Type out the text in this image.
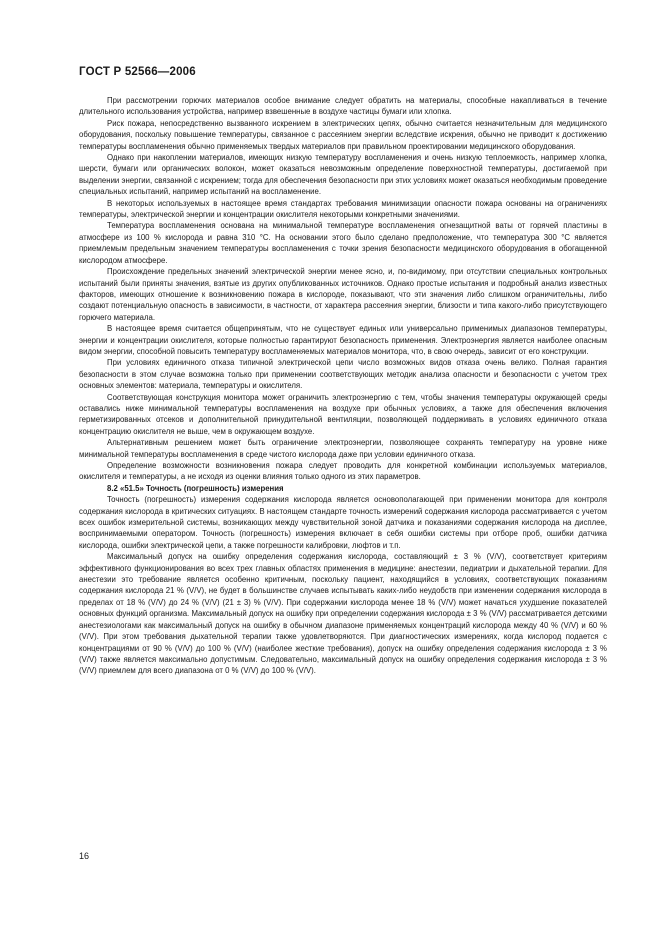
ГОСТ Р 52566—2006

При рассмотрении горючих материалов особое внимание следует обратить на материалы, способные накапливаться в течение длительного использования устройства, например взвешенные в воздухе частицы бумаги или хлопка.

Риск пожара, непосредственно вызванного искрением в электрических цепях, обычно считается незначительным для медицинского оборудования, поскольку повышение температуры, связанное с рассеянием энергии вследствие искрения, обычно не приводит к достижению температуры воспламенения обычно применяемых твердых материалов при правильном проектировании медицинского оборудования.

Однако при накоплении материалов, имеющих низкую температуру воспламенения и очень низкую теплоемкость, например хлопка, шерсти, бумаги или органических волокон, может оказаться невозможным определение поверхностной температуры, достигаемой при выделении энергии, связанной с искрением; тогда для обеспечения безопасности при этих условиях может оказаться необходимым проведение специальных испытаний, например испытаний на воспламенение.

В некоторых используемых в настоящее время стандартах требования минимизации опасности пожара основаны на ограничениях температуры, электрической энергии и концентрации окислителя некоторыми конкретными значениями.

Температура воспламенения основана на минимальной температуре воспламенения огнезащитной ваты от горячей пластины в атмосфере из 100 % кислорода и равна 310 °С. На основании этого было сделано предположение, что температура 300 °С является приемлемым предельным значением температуры воспламенения с точки зрения безопасности медицинского оборудования в обогащенной кислородом атмосфере.

Происхождение предельных значений электрической энергии менее ясно, и, по-видимому, при отсутствии специальных контрольных испытаний были приняты значения, взятые из других опубликованных источников. Однако простые испытания и подробный анализ известных факторов, имеющих отношение к возникновению пожара в кислороде, показывают, что эти значения либо слишком ограничительны, либо создают потенциальную опасность в зависимости, в частности, от характера рассеяния энергии, близости и типа какого-либо присутствующего горючего материала.

В настоящее время считается общепринятым, что не существует единых или универсально применимых диапазонов температуры, энергии и концентрации окислителя, которые полностью гарантируют безопасность применения. Электроэнергия является наиболее опасным видом энергии, способной повысить температуру воспламеняемых материалов монитора, что, в свою очередь, зависит от его конструкции.

При условиях единичного отказа типичной электрической цепи число возможных видов отказа очень велико. Полная гарантия безопасности в этом случае возможна только при применении соответствующих методик анализа опасности и безопасности с учетом трех основных элементов: материала, температуры и окислителя.

Соответствующая конструкция монитора может ограничить электроэнергию с тем, чтобы значения температуры окружающей среды оставались ниже минимальной температуры воспламенения на воздухе при обычных условиях, а также для обеспечения включения герметизированных отсеков и дополнительной принудительной вентиляции, позволяющей поддерживать в условиях единичного отказа концентрацию окислителя не выше, чем в окружающем воздухе.

Альтернативным решением может быть ограничение электроэнергии, позволяющее сохранять температуру на уровне ниже минимальной температуры воспламенения в среде чистого кислорода даже при условии единичного отказа.

Определение возможности возникновения пожара следует проводить для конкретной комбинации используемых материалов, окислителя и температуры, а не исходя из оценки влияния только одного из этих параметров.

8.2 «51.5» Точность (погрешность) измерения

Точность (погрешность) измерения содержания кислорода является основополагающей при применении монитора для контроля содержания кислорода в критических ситуациях. В настоящем стандарте точность измерений содержания кислорода рассматривается с учетом всех ошибок измерительной системы, возникающих между чувствительной зоной датчика и показаниями содержания кислорода на дисплее, воспринимаемыми оператором. Точность (погрешность) измерения включает в себя ошибки системы при отборе проб, ошибки датчика кислорода, ошибки электрической цепи, а также погрешности калибровки, люфтов и т.п.

Максимальный допуск на ошибку определения содержания кислорода, составляющий ± 3 % (V/V), соответствует критериям эффективного функционирования во всех трех главных областях применения в медицине: анестезии, педиатрии и дыхательной терапии. Для анестезии это требование является особенно критичным, поскольку пациент, находящийся в условиях, соответствующих показаниям содержания кислорода 21 % (V/V), не будет в большинстве случаев испытывать каких-либо неудобств при изменении содержания кислорода в пределах от 18 % (V/V) до 24 % (V/V) (21 ± 3) % (V/V). При содержании кислорода менее 18 % (V/V) может начаться ухудшение показателей основных функций организма. Максимальный допуск на ошибку при определении содержания кислорода ± 3 % (V/V) рассматривается детскими анестезиологами как максимальный допуск на ошибку в обычном диапазоне применяемых концентраций кислорода между 40 % (V/V) и 60 % (V/V). При этом требования дыхательной терапии также удовлетворяются. При диагностических измерениях, когда кислород подается с концентрациями от 90 % (V/V) до 100 % (V/V) (наиболее жесткие требования), допуск на ошибку определения содержания кислорода ± 3 % (V/V) также является максимально допустимым. Следовательно, максимальный допуск на ошибку определения содержания кислорода ± 3 % (V/V) приемлем для всего диапазона от 0 % (V/V) до 100 % (V/V).

16
